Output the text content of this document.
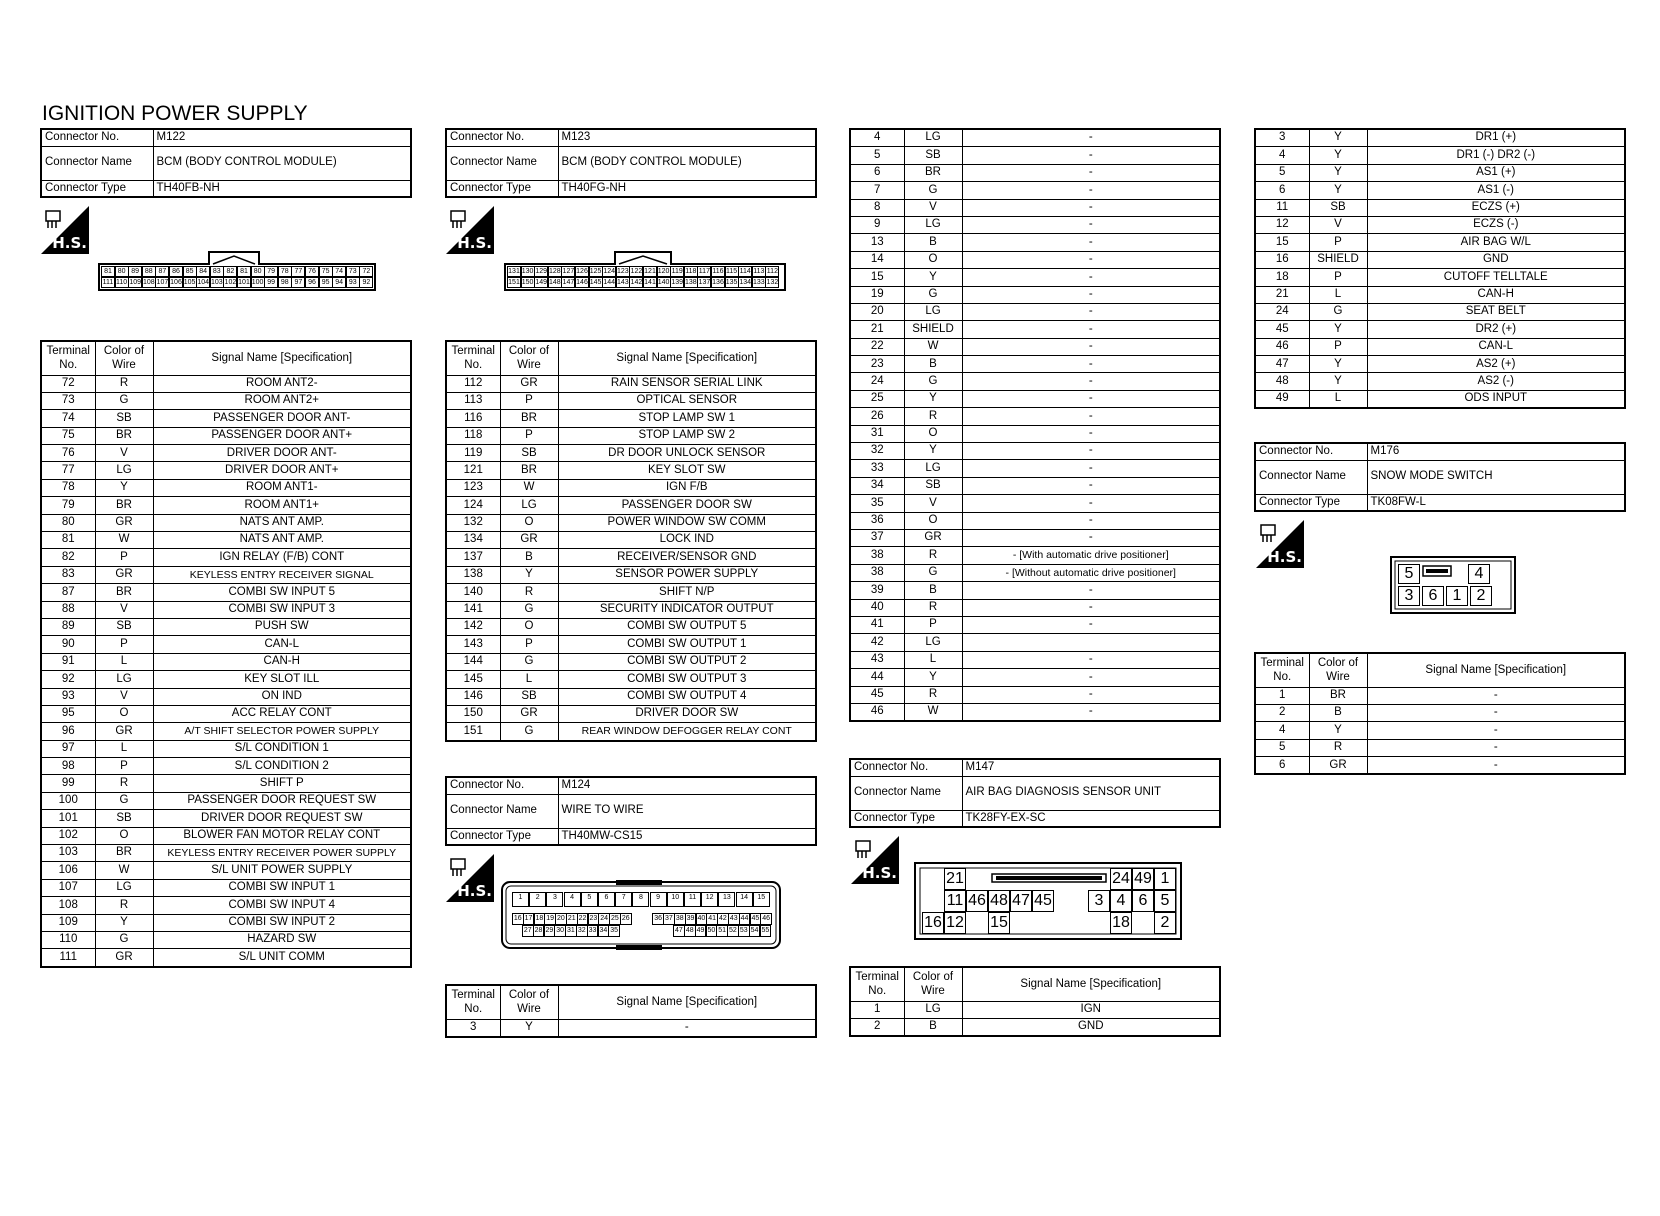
IGNITION POWER SUPPLY
Connector No.	M122
Connector Name	BCM (BODY CONTROL MODULE)
Connector Type	TH40FB-NH
H.S.
81 80 89 88 87 86 85 84 83 82 81 80 79 78 77 76 75 74 73 72
111 110 109 108 107 106 105 104 103 102 101 100 99 98 97 96 95 94 93 92
Terminal No.	Color of Wire	Signal Name [Specification]
72	R	ROOM ANT2-
73	G	ROOM ANT2+
74	SB	PASSENGER DOOR ANT-
75	BR	PASSENGER DOOR ANT+
76	V	DRIVER DOOR ANT-
77	LG	DRIVER DOOR ANT+
78	Y	ROOM ANT1-
79	BR	ROOM ANT1+
80	GR	NATS ANT AMP.
81	W	NATS ANT AMP.
82	P	IGN RELAY (F/B) CONT
83	GR	KEYLESS ENTRY RECEIVER SIGNAL
87	BR	COMBI SW INPUT 5
88	V	COMBI SW INPUT 3
89	SB	PUSH SW
90	P	CAN-L
91	L	CAN-H
92	LG	KEY SLOT ILL
93	V	ON IND
95	O	ACC RELAY CONT
96	GR	A/T SHIFT SELECTOR POWER SUPPLY
97	L	S/L CONDITION 1
98	P	S/L CONDITION 2
99	R	SHIFT P
100	G	PASSENGER DOOR REQUEST SW
101	SB	DRIVER DOOR REQUEST SW
102	O	BLOWER FAN MOTOR RELAY CONT
103	BR	KEYLESS ENTRY RECEIVER POWER SUPPLY
106	W	S/L UNIT POWER SUPPLY
107	LG	COMBI SW INPUT 1
108	R	COMBI SW INPUT 4
109	Y	COMBI SW INPUT 2
110	G	HAZARD SW
111	GR	S/L UNIT COMM
Connector No.	M123
Connector Name	BCM (BODY CONTROL MODULE)
Connector Type	TH40FG-NH
H.S.
131 130 129 128 127 126 125 124 123 122 121 120 119 118 117 116 115 114 113 112
151 150 149 148 147 146 145 144 143 142 141 140 139 138 137 136 135 134 133 132
Terminal No.	Color of Wire	Signal Name [Specification]
112	GR	RAIN SENSOR SERIAL LINK
113	P	OPTICAL SENSOR
116	BR	STOP LAMP SW 1
118	P	STOP LAMP SW 2
119	SB	DR DOOR UNLOCK SENSOR
121	BR	KEY SLOT SW
123	W	IGN F/B
124	LG	PASSENGER DOOR SW
132	O	POWER WINDOW SW COMM
134	GR	LOCK IND
137	B	RECEIVER/SENSOR GND
138	Y	SENSOR POWER SUPPLY
140	R	SHIFT N/P
141	G	SECURITY INDICATOR OUTPUT
142	O	COMBI SW OUTPUT 5
143	P	COMBI SW OUTPUT 1
144	G	COMBI SW OUTPUT 2
145	L	COMBI SW OUTPUT 3
146	SB	COMBI SW OUTPUT 4
150	GR	DRIVER DOOR SW
151	G	REAR WINDOW DEFOGGER RELAY CONT
Connector No.	M124
Connector Name	WIRE TO WIRE
Connector Type	TH40MW-CS15
H.S.	1	2	3	4	5	6	7	8	9	10	11	12	13	14	15
16 17 18 19 20 21 22 23 24 25 26	36 37 38 39 40 41 42 43 44 45 46
27 28 29 30 31 32 33 34 35	47 48 49 50 51 52 53 54 55
Terminal No.	Color of Wire	Signal Name [Specification]
3	Y	-
4	LG	-
5	SB	-
6	BR	-
7	G	-
8	V	-
9	LG	-
13	B	-
14	O	-
15	Y	-
19	G	-
20	LG	-
21	SHIELD	-
22	W	-
23	B	-
24	G	-
25	Y	-
26	R	-
31	O	-
32	Y	-
33	LG	-
34	SB	-
35	V	-
36	O	-
37	GR	-
38	R	- [With automatic drive positioner]
38	G	- [Without automatic drive positioner]
39	B	-
40	R	-
41	P	-
42	LG	
43	L	-
44	Y	-
45	R	-
46	W	-
Connector No.	M147
Connector Name	AIR BAG DIAGNOSIS SENSOR UNIT
Connector Type	TK28FY-EX-SC
H.S.	21	24 49 1
11 46 48 47 45	3 4 6 5
16 12 15	18	2
Terminal No.	Color of Wire	Signal Name [Specification]
1	LG	IGN
2	B	GND
3	Y	DR1 (+)
4	Y	DR1 (-) DR2 (-)
5	Y	AS1 (+)
6	Y	AS1 (-)
11	SB	ECZS (+)
12	V	ECZS (-)
15	P	AIR BAG W/L
16	SHIELD	GND
18	P	CUTOFF TELLTALE
21	L	CAN-H
24	G	SEAT BELT
45	Y	DR2 (+)
46	P	CAN-L
47	Y	AS2 (+)
48	Y	AS2 (-)
49	L	ODS INPUT
Connector No.	M176
Connector Name	SNOW MODE SWITCH
Connector Type	TK08FW-L
H.S.
5	4
3 6 1 2
Terminal No.	Color of Wire	Signal Name [Specification]
1	BR	-
2	B	-
4	Y	-
5	R	-
6	GR	-
